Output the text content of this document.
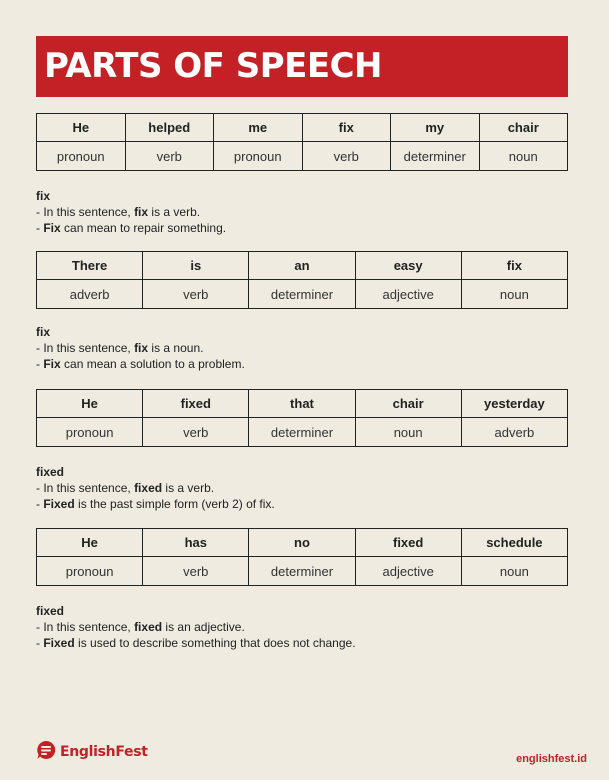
PARTS OF SPEECH
He	helped	me	fix	my	chair
pronoun	verb	pronoun	verb	determiner	noun
fix
- In this sentence, fix is a verb.
- Fix can mean to repair something.
There	is	an	easy	fix
adverb	verb	determiner	adjective	noun
fix
- In this sentence, fix is a noun.
- Fix can mean a solution to a problem.
He	fixed	that	chair	yesterday
pronoun	verb	determiner	noun	adverb
fixed
- In this sentence, fixed is a verb.
- Fixed is the past simple form (verb 2) of fix.
He	has	no	fixed	schedule
pronoun	verb	determiner	adjective	noun
fixed
- In this sentence, fixed is an adjective.
- Fixed is used to describe something that does not change.
EnglishFest	englishfest.id
